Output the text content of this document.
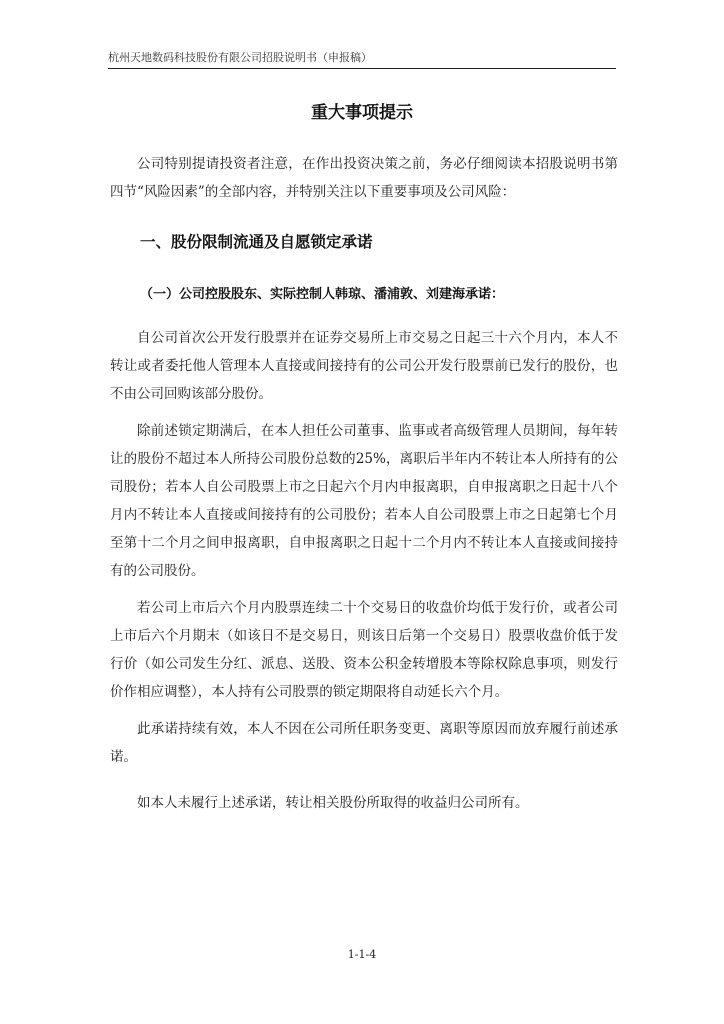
杭州天地数码科技股份有限公司招股说明书（申报稿）
重大事项提示

公司特别提请投资者注意，在作出投资决策之前，务必仔细阅读本招股说明书第四节“风险因素”的全部内容，并特别关注以下重要事项及公司风险：

一、股份限制流通及自愿锁定承诺
（一）公司控股股东、实际控制人韩琼、潘浦敦、刘建海承诺：

自公司首次公开发行股票并在证券交易所上市交易之日起三十六个月内，本人不转让或者委托他人管理本人直接或间接持有的公司公开发行股票前已发行的股份，也不由公司回购该部分股份。

除前述锁定期满后，在本人担任公司董事、监事或者高级管理人员期间，每年转让的股份不超过本人所持公司股份总数的25%，离职后半年内不转让本人所持有的公司股份；若本人自公司股票上市之日起六个月内申报离职，自申报离职之日起十八个月内不转让本人直接或间接持有的公司股份；若本人自公司股票上市之日起第七个月至第十二个月之间申报离职，自申报离职之日起十二个月内不转让本人直接或间接持有的公司股份。

若公司上市后六个月内股票连续二十个交易日的收盘价均低于发行价，或者公司上市后六个月期末（如该日不是交易日，则该日后第一个交易日）股票收盘价低于发行价（如公司发生分红、派息、送股、资本公积金转增股本等除权除息事项，则发行价作相应调整），本人持有公司股票的锁定期限将自动延长六个月。

此承诺持续有效，本人不因在公司所任职务变更、离职等原因而放弃履行前述承诺。

如本人未履行上述承诺，转让相关股份所取得的收益归公司所有。

1-1-4
